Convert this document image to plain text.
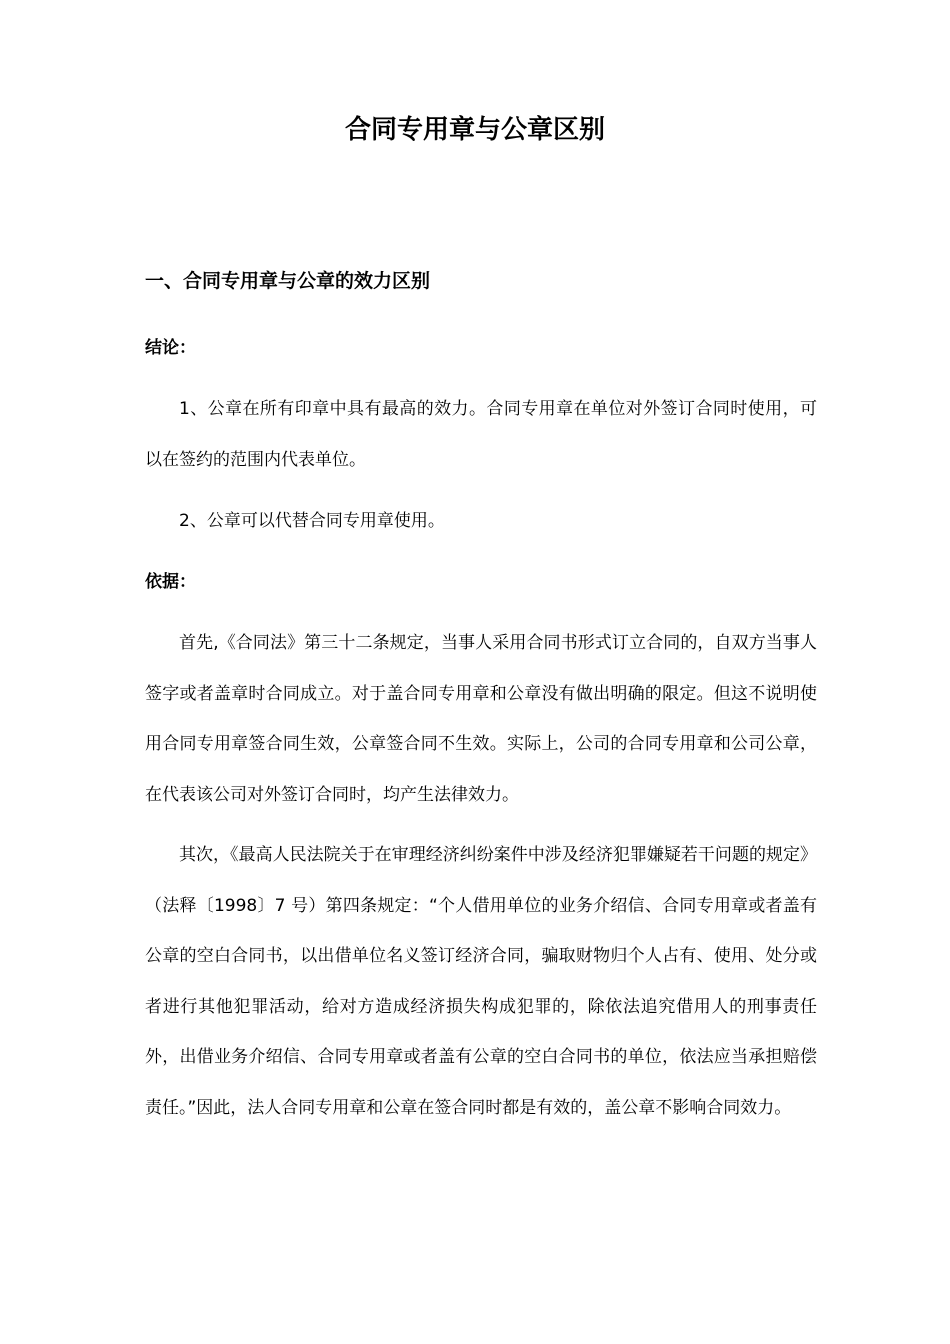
合同专用章与公章区别
一、合同专用章与公章的效力区别
结论：

1、公章在所有印章中具有最高的效力。合同专用章在单位对外签订合同时使用，可以在签约的范围内代表单位。

2、公章可以代替合同专用章使用。

依据：

首先,《合同法》第三十二条规定，当事人采用合同书形式订立合同的，自双方当事人签字或者盖章时合同成立。对于盖合同专用章和公章没有做出明确的限定。但这不说明使用合同专用章签合同生效，公章签合同不生效。实际上，公司的合同专用章和公司公章，在代表该公司对外签订合同时，均产生法律效力。

其次，《最高人民法院关于在审理经济纠纷案件中涉及经济犯罪嫌疑若干问题的规定》（法释〔1998〕7 号）第四条规定：“个人借用单位的业务介绍信、合同专用章或者盖有公章的空白合同书，以出借单位名义签订经济合同，骗取财物归个人占有、使用、处分或者进行其他犯罪活动，给对方造成经济损失构成犯罪的，除依法追究借用人的刑事责任外，出借业务介绍信、合同专用章或者盖有公章的空白合同书的单位，依法应当承担赔偿责任。”因此，法人合同专用章和公章在签合同时都是有效的，盖公章不影响合同效力。
